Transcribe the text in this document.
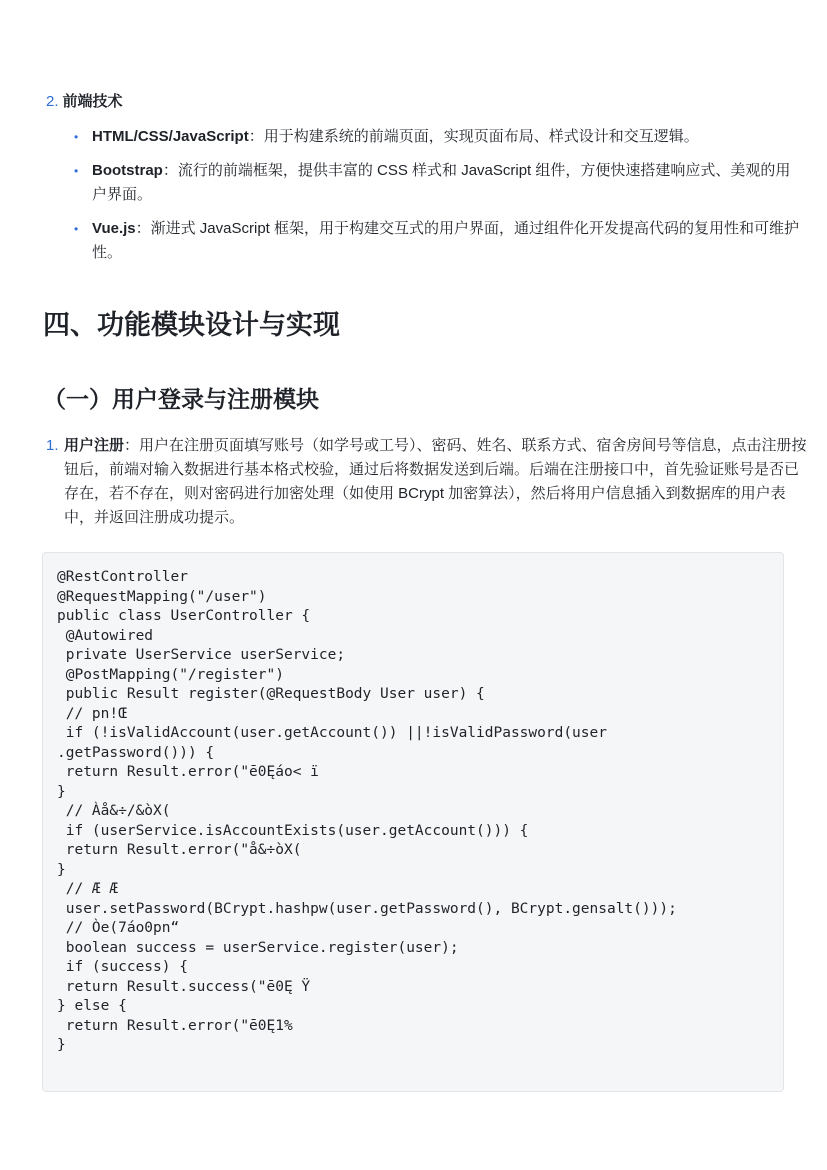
2. 前端技术
• HTML/CSS/JavaScript：用于构建系统的前端页面，实现页面布局、样式设计和交互逻辑。
• Bootstrap：流行的前端框架，提供丰富的 CSS 样式和 JavaScript 组件，方便快速搭建响应式、美观的用户界面。
• Vue.js：渐进式 JavaScript 框架，用于构建交互式的用户界面，通过组件化开发提高代码的复用性和可维护性。
四、功能模块设计与实现
（一）用户登录与注册模块
1. 用户注册：用户在注册页面填写账号（如学号或工号）、密码、姓名、联系方式、宿舍房间号等信息，点击注册按钮后，前端对输入数据进行基本格式校验，通过后将数据发送到后端。后端在注册接口中，首先验证账号是否已存在，若不存在，则对密码进行加密处理（如使用 BCrypt 加密算法），然后将用户信息插入到数据库的用户表中，并返回注册成功提示。
@RestController
@RequestMapping("/user")
public class UserController {
@Autowired
private UserService userService;
@PostMapping("/register")
public Result register(@RequestBody User user) {
// pn!Œ
if (!isValidAccount(user.getAccount()) ||!isValidPassword(user
.getPassword())) {
return Result.error("ē0Ęáo< ï
}
// Àå&÷/&òX(
if (userService.isAccountExists(user.getAccount())) {
return Result.error("å&÷òX(
}
// Æ Æ
user.setPassword(BCrypt.hashpw(user.getPassword(), BCrypt.gensalt()));
// Òe(7áo0pn“
boolean success = userService.register(user);
if (success) {
return Result.success("ē0Ę Ÿ
} else {
return Result.error("ē0Ę1%
}
